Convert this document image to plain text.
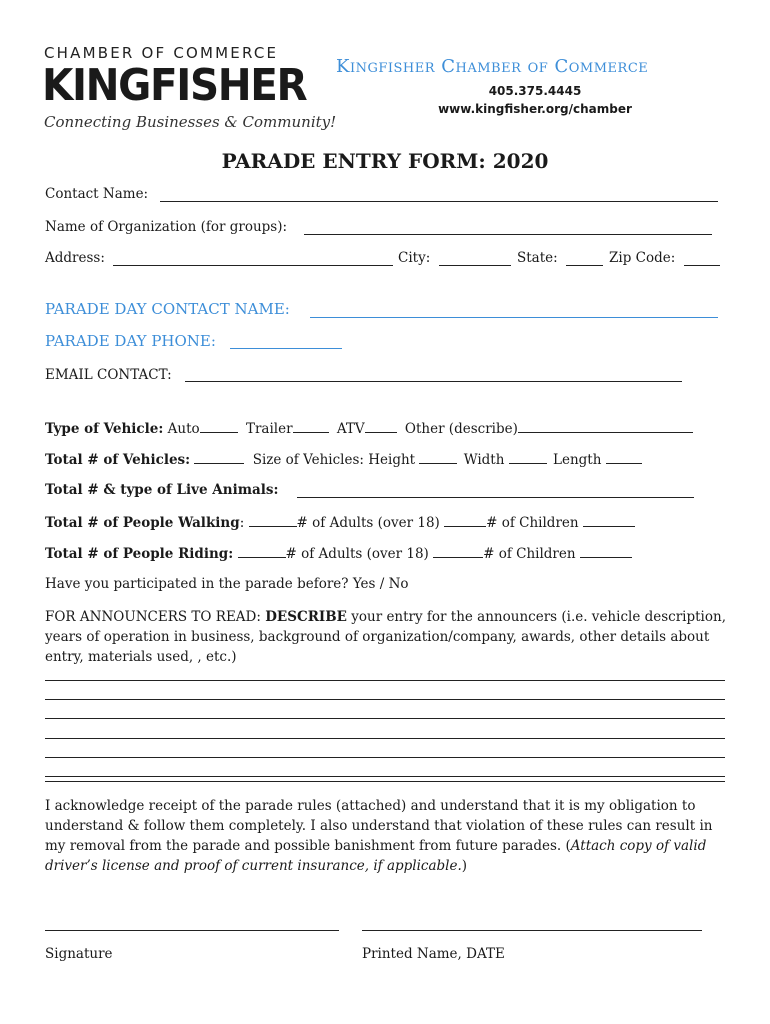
CHAMBER OF COMMERCE
KINGFISHER
Connecting Businesses & Community!
Kingfisher Chamber of Commerce
405.375.4445
www.kingfisher.org/chamber
PARADE ENTRY FORM: 2020
Contact Name:
Name of Organization (for groups):
Address:	City:	State:	Zip Code:
PARADE DAY CONTACT NAME:
PARADE DAY PHONE:
EMAIL CONTACT:
Type of Vehicle: Auto	Trailer	ATV	Other (describe)
Total # of Vehicles:	Size of Vehicles: Height	Width	Length
Total # & type of Live Animals:
Total # of People Walking:	# of Adults (over 18)	# of Children
Total # of People Riding:	# of Adults (over 18)	# of Children
Have you participated in the parade before? Yes / No
FOR ANNOUNCERS TO READ: DESCRIBE your entry for the announcers (i.e. vehicle description, years of operation in business, background of organization/company, awards, other details about entry, materials used, , etc.)
I acknowledge receipt of the parade rules (attached) and understand that it is my obligation to understand & follow them completely. I also understand that violation of these rules can result in my removal from the parade and possible banishment from future parades. (Attach copy of valid driver’s license and proof of current insurance, if applicable.)
Signature	Printed Name, DATE
